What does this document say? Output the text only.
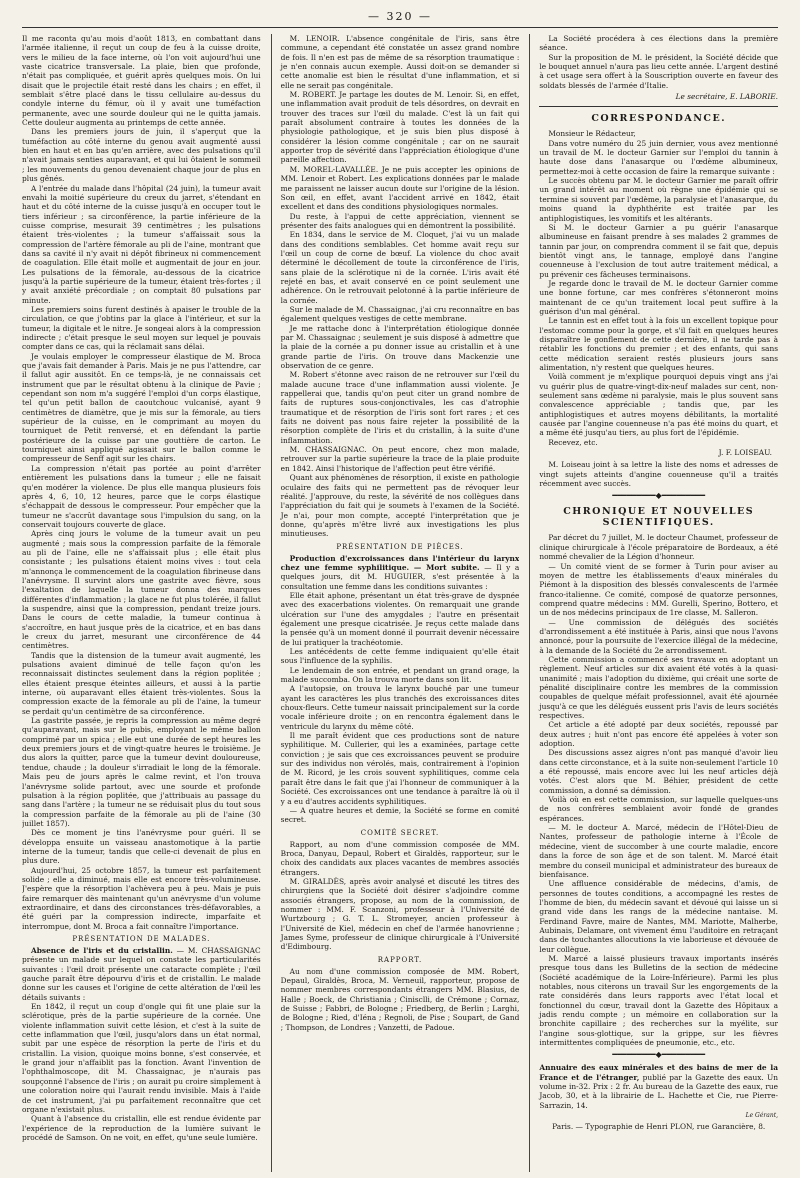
— 320 —

Il me raconta qu'au mois d'août 1813, en combattant dans l'armée italienne, il reçut un coup de feu à la cuisse droite, vers le milieu de la face interne, où l'on voit aujourd'hui une vaste cicatrice transversale. La plaie, bien que profonde, n'était pas compliquée, et guérit après quelques mois. On lui disait que le projectile était resté dans les chairs ; en effet, il semblait s'être placé dans le tissu cellulaire au-dessus du condyle interne du fémur, où il y avait une tuméfaction permanente, avec une sourde douleur qui ne le quitta jamais. Cette douleur augmenta au printemps de cette année.

Dans les premiers jours de juin, il s'aperçut que la tuméfaction au côté interne du genou avait augmenté aussi bien en haut et en bas qu'en arrière, avec des pulsations qu'il n'avait jamais senties auparavant, et qui lui ôtaient le sommeil ; les mouvements du genou devenaient chaque jour de plus en plus gênés.

A l'entrée du malade dans l'hôpital (24 juin), la tumeur avait envahi la moitié supérieure du creux du jarret, s'étendant en haut et du côté interne de la cuisse jusqu'à en occuper tout le tiers inférieur ; sa circonférence, la partie inférieure de la cuisse comprise, mesurait 39 centimètres ; les pulsations étaient très-violentes ; la tumeur s'affaissait sous la compression de l'artère fémorale au pli de l'aine, montrant que dans sa cavité il n'y avait ni dépôt fibrineux ni commencement de coagulation. Elle était molle et augmentait de jour en jour. Les pulsations de la fémorale, au-dessous de la cicatrice jusqu'à la partie supérieure de la tumeur, étaient très-fortes ; il y avait anxiété précordiale ; on comptait 80 pulsations par minute.

Les premiers soins furent destinés à apaiser le trouble de la circulation, ce que j'obtins par la glace à l'intérieur, et sur la tumeur, la digitale et le nitre. Je songeai alors à la compression indirecte ; c'était presque le seul moyen sur lequel je pouvais compter dans ce cas, qui la réclamait sans délai.

Je voulais employer le compresseur élastique de M. Broca que j'avais fait demander à Paris. Mais je ne pus l'attendre, car il fallut agir aussitôt. En ce temps-là, je ne connaissais cet instrument que par le résultat obtenu à la clinique de Pavie ; cependant son nom m'a suggéré l'emploi d'un corps élastique, tel qu'un petit ballon de caoutchouc vulcanisé, ayant 9 centimètres de diamètre, que je mis sur la fémorale, au tiers supérieur de la cuisse, en le comprimant au moyen du tourniquet de Petit renversé, et en défendant la partie postérieure de la cuisse par une gouttière de carton. Le tourniquet ainsi appliqué agissait sur le ballon comme le compresseur de Senff agit sur les chairs.

La compression n'était pas portée au point d'arrêter entièrement les pulsations dans la tumeur ; elle ne faisait qu'en modérer la violence. De plus elle manqua plusieurs fois après 4, 6, 10, 12 heures, parce que le corps élastique s'échappait de dessous le compresseur. Pour empêcher que la tumeur ne s'accrût davantage sous l'impulsion du sang, on la conservait toujours couverte de glace.

Après cinq jours le volume de la tumeur avait un peu augmenté ; mais sous la compression parfaite de la fémorale au pli de l'aine, elle ne s'affaissait plus ; elle était plus consistante ; les pulsations étaient moins vives : tout cela m'annonça le commencement de la coagulation fibrineuse dans l'anévrysme. Il survint alors une gastrite avec fièvre, sous l'exaltation de laquelle la tumeur donna des marques différentes d'inflammation ; la glace ne fut plus tolérée, il fallut la suspendre, ainsi que la compression, pendant treize jours. Dans le cours de cette maladie, la tumeur continua à s'accroître, en haut jusque près de la cicatrice, et en bas dans le creux du jarret, mesurant une circonférence de 44 centimètres.

Tandis que la distension de la tumeur avait augmenté, les pulsations avaient diminué de telle façon qu'on les reconnaissait distinctes seulement dans la région poplitée ; elles étaient presque éteintes ailleurs, et aussi à la partie interne, où auparavant elles étaient très-violentes. Sous la compression exacte de la fémorale au pli de l'aine, la tumeur se perdait qu'un centimètre de sa circonférence.

La gastrite passée, je repris la compression au même degré qu'auparavant, mais sur le pubis, employant le même ballon comprimé par un spica ; elle eut une durée de sept heures les deux premiers jours et de vingt-quatre heures le troisième. Je dus alors la quitter, parce que la tumeur devint douloureuse, tendue, chaude ; la douleur s'irradiait le long de la fémorale. Mais peu de jours après le calme revint, et l'on trouva l'anévrysme solide partout, avec une sourde et profonde pulsation à la région poplitée, que j'attribuais au passage du sang dans l'artère ; la tumeur ne se réduisait plus du tout sous la compression parfaite de la fémorale au pli de l'aine (30 juillet 1857).

Dès ce moment je tins l'anévrysme pour guéri. Il se développa ensuite un vaisseau anastomotique à la partie interne de la tumeur, tandis que celle-ci devenait de plus en plus dure.

Aujourd'hui, 25 octobre 1857, la tumeur est parfaitement solide ; elle a diminué, mais elle est encore très-volumineuse. J'espère que la résorption l'achèvera peu à peu. Mais je puis faire remarquer dès maintenant qu'un anévrysme d'un volume extraordinaire, et dans des circonstances très-défavorables, a été guéri par la compression indirecte, imparfaite et interrompue, dont M. Broca a fait connaître l'importance.

PRÉSENTATION DE MALADES.

Absence de l'iris et du cristallin. — M. CHASSAIGNAC présente un malade sur lequel on constate les particularités suivantes : l'œil droit présente une cataracte complète ; l'œil gauche paraît être dépourvu d'iris et de cristallin. Le malade donne sur les causes et l'origine de cette altération de l'œil les détails suivants :

En 1842, il reçut un coup d'ongle qui fit une plaie sur la sclérotique, près de la partie supérieure de la cornée. Une violente inflammation suivit cette lésion, et c'est à la suite de cette inflammation que l'œil, jusqu'alors dans un état normal, subit par une espèce de résorption la perte de l'iris et du cristallin. La vision, quoique moins bonne, s'est conservée, et le grand jour n'affaiblit pas la fonction. Avant l'invention de l'ophthalmoscope, dit M. Chassaignac, je n'aurais pas soupçonné l'absence de l'iris ; on aurait pu croire simplement à une coloration noire qui l'aurait rendu invisible. Mais à l'aide de cet instrument, j'ai pu parfaitement reconnaître que cet organe n'existait plus.

Quant à l'absence du cristallin, elle est rendue évidente par l'expérience de la reproduction de la lumière suivant le procédé de Samson. On ne voit, en effet, qu'une seule lumière.

M. LENOIR. L'absence congénitale de l'iris, sans être commune, a cependant été constatée un assez grand nombre de fois. Il n'en est pas de même de sa résorption traumatique : je n'en connais aucun exemple. Aussi doit-on se demander si cette anomalie est bien le résultat d'une inflammation, et si elle ne serait pas congénitale.

M. ROBERT. Je partage les doutes de M. Lenoir. Si, en effet, une inflammation avait produit de tels désordres, on devrait en trouver des traces sur l'œil du malade. C'est là un fait qui paraît absolument contraire à toutes les données de la physiologie pathologique, et je suis bien plus disposé à considérer la lésion comme congénitale ; car on ne saurait apporter trop de sévérité dans l'appréciation étiologique d'une pareille affection.

M. MOREL-LAVALLÉE. Je ne puis accepter les opinions de MM. Lenoir et Robert. Les explications données par le malade me paraissent ne laisser aucun doute sur l'origine de la lésion. Son œil, en effet, avant l'accident arrivé en 1842, était excellent et dans des conditions physiologiques normales.

Du reste, à l'appui de cette appréciation, viennent se présenter des faits analogues qui en démontrent la possibilité.

En 1834, dans le service de M. Cloquet, j'ai vu un malade dans des conditions semblables. Cet homme avait reçu sur l'œil un coup de corne de bœuf. La violence du choc avait déterminé le décollement de toute la circonférence de l'iris, sans plaie de la sclérotique ni de la cornée. L'iris avait été rejeté en bas, et avait conservé en ce point seulement une adhérence. On le retrouvait pelotonné à la partie inférieure de la cornée.

Sur le malade de M. Chassaignac, j'ai cru reconnaître en bas également quelques vestiges de cette membrane.

Je me rattache donc à l'interprétation étiologique donnée par M. Chassaignac ; seulement je suis disposé à admettre que la plaie de la cornée a pu donner issue au cristallin et à une grande partie de l'iris. On trouve dans Mackenzie une observation de ce genre.

M. Robert s'étonne avec raison de ne retrouver sur l'œil du malade aucune trace d'une inflammation aussi violente. Je rappellerai que, tandis qu'on peut citer un grand nombre de faits de ruptures sous-conjonctivales, les cas d'atrophie traumatique et de résorption de l'iris sont fort rares ; et ces faits ne doivent pas nous faire rejeter la possibilité de la résorption complète de l'iris et du cristallin, à la suite d'une inflammation.

M. CHASSAIGNAC. On peut encore, chez mon malade, retrouver sur la partie supérieure la trace de la plaie produite en 1842. Ainsi l'historique de l'affection peut être vérifié.

Quant aux phénomènes de résorption, il existe en pathologie oculaire des faits qui ne permettent pas de révoquer leur réalité. J'approuve, du reste, la sévérité de nos collègues dans l'appréciation du fait qui je soumets à l'examen de la Société. Je n'ai, pour mon compte, accepté l'interprétation que je donne, qu'après m'être livré aux investigations les plus minutieuses.

PRÉSENTATION DE PIÈCES.

Production d'excroissances dans l'intérieur du larynx chez une femme syphilitique. — Mort subite. — Il y a quelques jours, dit M. HUGUIER, s'est présentée à la consultation une femme dans les conditions suivantes :

Elle était aphone, présentant un état très-grave de dyspnée avec des exacerbations violentes. On remarquait une grande ulcération sur l'une des amygdales ; l'autre en présentait également une presque cicatrisée. Je reçus cette malade dans la pensée qu'à un moment donné il pourrait devenir nécessaire de lui pratiquer la trachéotomie.

Les antécédents de cette femme indiquaient qu'elle était sous l'influence de la syphilis.

Le lendemain de son entrée, et pendant un grand orage, la malade succomba. On la trouva morte dans son lit.

A l'autopsie, on trouva le larynx bouché par une tumeur ayant les caractères les plus tranchés des excroissances dites choux-fleurs. Cette tumeur naissait principalement sur la corde vocale inférieure droite ; on en rencontra également dans le ventricule du larynx du même côté.

Il me paraît évident que ces productions sont de nature syphilitique. M. Cullerier, qui les a examinées, partage cette conviction ; je sais que ces excroissances peuvent se produire sur des individus non vérolés, mais, contrairement à l'opinion de M. Ricord, je les crois souvent syphilitiques, comme cela paraît être dans le fait que j'ai l'honneur de communiquer à la Société. Ces excroissances ont une tendance à paraître là où il y a eu d'autres accidents syphilitiques.

— A quatre heures et demie, la Société se forme en comité secret.

COMITÉ SECRET.

Rapport, au nom d'une commission composée de MM. Broca, Danyau, Depaul, Robert et Giraldès, rapporteur, sur le choix des candidats aux places vacantes de membres associés étrangers.

M. GIRALDÈS, après avoir analysé et discuté les titres des chirurgiens que la Société doit désirer s'adjoindre comme associés étrangers, propose, au nom de la commission, de nommer : MM. F. Scanzoni, professeur à l'Université de Wurtzbourg ; G. T. L. Stromeyer, ancien professeur à l'Université de Kiel, médecin en chef de l'armée hanovrienne ; James Syme, professeur de clinique chirurgicale à l'Université d'Edimbourg.

RAPPORT.

Au nom d'une commission composée de MM. Robert, Depaul, Giraldès, Broca, M. Verneuil, rapporteur, propose de nommer membres correspondants étrangers MM. Blasius, de Halle ; Boeck, de Christiania ; Cinisclli, de Crémone ; Cornaz, de Suisse ; Fabbri, de Bologne ; Friedberg, de Berlin ; Larghi, de Bologne ; Ried, d'Iéna ; Regnoli, de Pise ; Soupart, de Gand ; Thompson, de Londres ; Vanzetti, de Padoue.

La Société procédera à ces élections dans la première séance.

Sur la proposition de M. le président, la Société décide que le bouquet annuel n'aura pas lieu cette année. L'argent destiné à cet usage sera offert à la Souscription ouverte en faveur des soldats blessés de l'armée d'Italie.

Le secrétaire, E. LABORIE.
CORRESPONDANCE.

Monsieur le Rédacteur,

Dans votre numéro du 25 juin dernier, vous avez mentionné un travail de M. le docteur Garnier sur l'emploi du tannin à haute dose dans l'anasarque ou l'œdème albumineux, permettez-moi à cette occasion de faire la remarque suivante :

Le succès obtenu par M. le docteur Garnier me paraît offrir un grand intérêt au moment où règne une épidémie qui se termine si souvent par l'œdème, la paralysie et l'anasarque, du moins quand la dyphthérite est traitée par les antiphlogistiques, les vomitifs et les altérants.

Si M. le docteur Garnier a pu guérir l'anasarque albumineuse en faisant prendre à ses malades 2 grammes de tannin par jour, on comprendra comment il se fait que, depuis bientôt vingt ans, le tannage, employé dans l'angine couenneuse à l'exclusion de tout autre traitement médical, a pu prévenir ces fâcheuses terminaisons.

Je regarde donc le travail de M. le docteur Garnier comme une bonne fortune, car mes confrères s'étonneront moins maintenant de ce qu'un traitement local peut suffire à la guérison d'un mal général.

Le tannin est en effet tout à la fois un excellent topique pour l'estomac comme pour la gorge, et s'il fait en quelques heures disparaître le gonflement de cette dernière, il ne tarde pas à rétablir les fonctions du premier ; et des enfants, qui sans cette médication seraient restés plusieurs jours sans alimentation, n'y restent que quelques heures.

Voilà comment je m'explique pourquoi depuis vingt ans j'ai vu guérir plus de quatre-vingt-dix-neuf malades sur cent, non-seulement sans œdème ni paralysie, mais le plus souvent sans convalescence appréciable ; tandis que, par les antiphlogistiques et autres moyens débilitants, la mortalité causée par l'angine couenneuse n'a pas été moins du quart, et a même été jusqu'au tiers, au plus fort de l'épidémie.

Recevez, etc.

J. F. LOISEAU.

M. Loiseau joint à sa lettre la liste des noms et adresses de vingt sujets atteints d'angine couenneuse qu'il a traités récemment avec succès.

━━━━━━━━━◆━━━━━━━━━
CHRONIQUE ET NOUVELLES SCIENTIFIQUES.

Par décret du 7 juillet, M. le docteur Chaumet, professeur de clinique chirurgicale à l'école préparatoire de Bordeaux, a été nommé chevalier de la Légion d'honneur.

— Un comité vient de se former à Turin pour aviser au moyen de mettre les établissements d'eaux minérales du Piémont à la disposition des blessés convalescents de l'armée franco-italienne. Ce comité, composé de quatorze personnes, comprend quatre médecins : MM. Gurelli, Sperino, Bottero, et un de nos médecins principaux de 1re classe, M. Salleron.

— Une commission de délégués des sociétés d'arrondissement a été instituée à Paris, ainsi que nous l'avons annoncé, pour la poursuite de l'exercice illégal de la médecine, à la demande de la Société du 2e arrondissement.

Cette commission a commencé ses travaux en adoptant un règlement. Neuf articles sur dix avaient été votés à la quasi-unanimité ; mais l'adoption du dixième, qui créait une sorte de pénalité disciplinaire contre les membres de la commission coupables de quelque méfait professionnel, avait été ajournée jusqu'à ce que les délégués eussent pris l'avis de leurs sociétés respectives.

Cet article a été adopté par deux sociétés, repoussé par deux autres ; huit n'ont pas encore été appelées à voter son adoption.

Des discussions assez aigres n'ont pas manqué d'avoir lieu dans cette circonstance, et à la suite non-seulement l'article 10 a été repoussé, mais encore avec lui les neuf articles déjà votés. C'est alors que M. Béhier, président de cette commission, a donné sa démission.

Voilà où en est cette commission, sur laquelle quelques-uns de nos confrères semblaient avoir fondé de grandes espérances.

— M. le docteur A. Marcé, médecin de l'Hôtel-Dieu de Nantes, professeur de pathologie interne à l'École de médecine, vient de succomber à une courte maladie, encore dans la force de son âge et de son talent. M. Marcé était membre du conseil municipal et administrateur des bureaux de bienfaisance.

Une affluence considérable de médecins, d'amis, de personnes de toutes conditions, a accompagné les restes de l'homme de bien, du médecin savant et dévoué qui laisse un si grand vide dans les rangs de la médecine nantaise. M. Ferdinand Favre, maire de Nantes, MM. Mariotte, Malherbe, Aubinais, Delamare, ont vivement ému l'auditoire en retraçant dans de touchantes allocutions la vie laborieuse et dévouée de leur collègue.

M. Marcé a laissé plusieurs travaux importants insérés presque tous dans les Bulletins de la section de médecine (Société académique de la Loire-Inférieure). Parmi les plus notables, nous citerons un travail Sur les engorgements de la rate considérés dans leurs rapports avec l'état local et fonctionnel du cœur, travail dont la Gazette des Hôpitaux a jadis rendu compte ; un mémoire en collaboration sur la bronchite capillaire ; des recherches sur la myélite, sur l'angine sous-glottique, sur la grippe, sur les fièvres intermittentes compliquées de pneumonie, etc., etc.

━━━━━━━━━◆━━━━━━━━━

Annuaire des eaux minérales et des bains de mer de la France et de l'étranger, publié par la Gazette des eaux. Un volume in-32. Prix : 2 fr. Au bureau de la Gazette des eaux, rue Jacob, 30, et à la librairie de L. Hachette et Cie, rue Pierre-Sarrazin, 14.

Le Gérant,
Paris. — Typographie de Henri PLON, rue Garancière, 8.
